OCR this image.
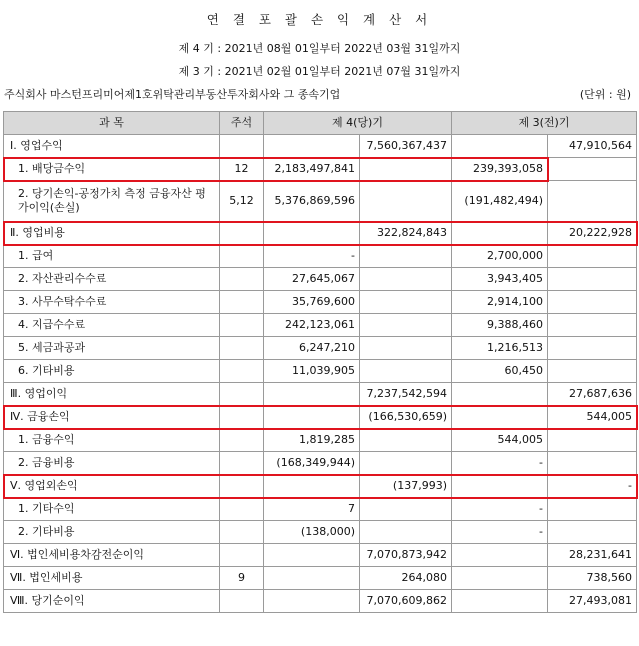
연 결 포 괄 손 익 계 산 서
제 4 기 : 2021년 08월 01일부터 2022년 03월 31일까지
제 3 기 : 2021년 02월 01일부터 2021년 07월 31일까지
주식회사 마스턴프리미어제1호위탁관리부동산투자회사와 그 종속기업	(단위 : 원)
과 목	주석	제 4(당)기		제 3(전)기	
Ⅰ. 영업수익			7,560,367,437		47,910,564
1. 배당금수익	12	2,183,497,841		239,393,058	
2. 당기손익-공정가치 측정 금융자산 평가이익(손실)	5,12	5,376,869,596		(191,482,494)	
Ⅱ. 영업비용			322,824,843		20,222,928
1. 급여		-		2,700,000	
2. 자산관리수수료		27,645,067		3,943,405	
3. 사무수탁수수료		35,769,600		2,914,100	
4. 지급수수료		242,123,061		9,388,460	
5. 세금과공과		6,247,210		1,216,513	
6. 기타비용		11,039,905		60,450	
Ⅲ. 영업이익			7,237,542,594		27,687,636
Ⅳ. 금융손익			(166,530,659)		544,005
1. 금융수익		1,819,285		544,005	
2. 금융비용		(168,349,944)		-	
Ⅴ. 영업외손익			(137,993)		-
1. 기타수익		7		-	
2. 기타비용		(138,000)		-	
Ⅵ. 법인세비용차감전순이익			7,070,873,942		28,231,641
Ⅶ. 법인세비용	9		264,080		738,560
Ⅷ. 당기순이익			7,070,609,862		27,493,081
